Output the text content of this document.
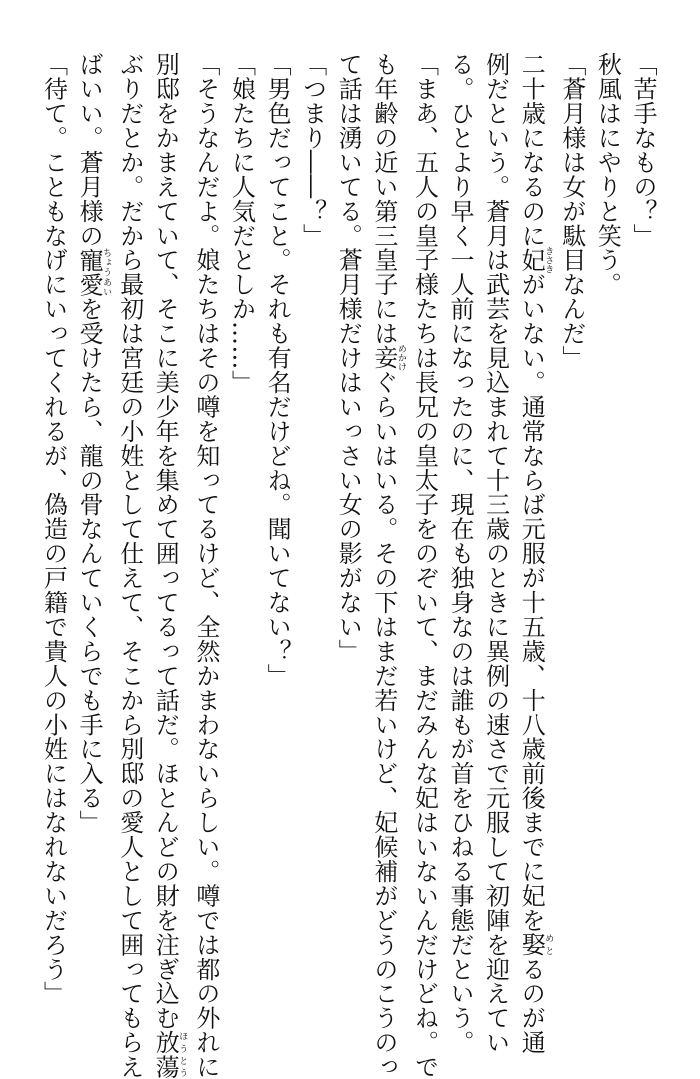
「苦手なもの？」
秋風はにやりと笑う。
「蒼月様は女が駄目なんだ」
二十歳になるのに妃きさきがいない。通常ならば元服が十五歳、十八歳前後までに妃を娶めとるのが通
例だという。蒼月は武芸を見込まれて十三歳のときに異例の速さで元服して初陣を迎えてい
る。ひとより早く一人前になったのに、現在も独身なのは誰もが首をひねる事態だという。
「まあ、五人の皇子様たちは長兄の皇太子をのぞいて、まだみんな妃はいないんだけどね。で
も年齢の近い第三皇子には妾めかけぐらいはいる。その下はまだ若いけど、妃候補がどうのこうのっ
て話は湧いてる。蒼月様だけはいっさい女の影がない」
「つまり――？」
「男色だってこと。それも有名だけどね。聞いてない？」
「娘たちに人気だとしか……」
「そうなんだよ。娘たちはその噂を知ってるけど、全然かまわないらしい。噂では都の外れに
別邸をかまえていて、そこに美少年を集めて囲ってるって話だ。ほとんどの財を注ぎ込む放蕩ほうとう
ぶりだとか。だから最初は宮廷の小姓として仕えて、そこから別邸の愛人として囲ってもらえ
ばいい。蒼月様の寵愛ちょうあいを受けたら、龍の骨なんていくらでも手に入る」
「待て。こともなげにいってくれるが、偽造の戸籍で貴人の小姓にはなれないだろう」
